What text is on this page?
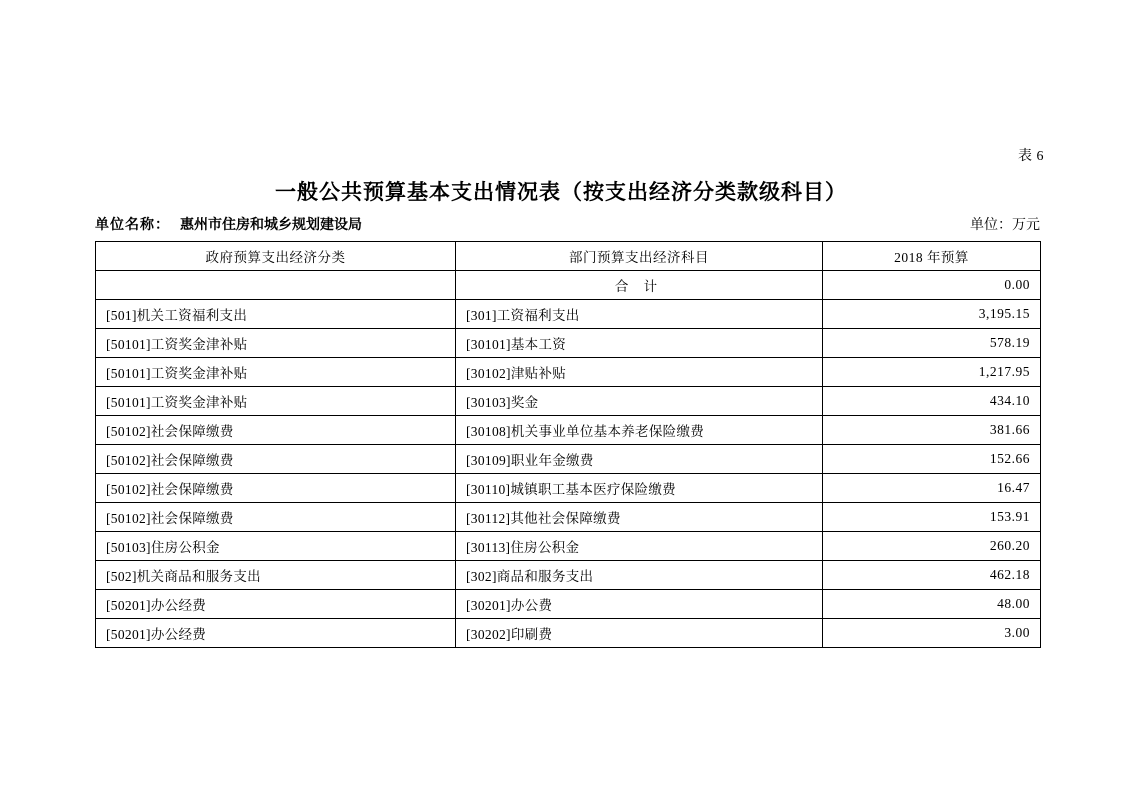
表 6
一般公共预算基本支出情况表（按支出经济分类款级科目）
单位名称： 惠州市住房和城乡规划建设局	单位：万元
政府预算支出经济分类	部门预算支出经济科目	2018 年预算
	合 计	0.00
[501]机关工资福利支出	[301]工资福利支出	3,195.15
[50101]工资奖金津补贴	[30101]基本工资	578.19
[50101]工资奖金津补贴	[30102]津贴补贴	1,217.95
[50101]工资奖金津补贴	[30103]奖金	434.10
[50102]社会保障缴费	[30108]机关事业单位基本养老保险缴费	381.66
[50102]社会保障缴费	[30109]职业年金缴费	152.66
[50102]社会保障缴费	[30110]城镇职工基本医疗保险缴费	16.47
[50102]社会保障缴费	[30112]其他社会保障缴费	153.91
[50103]住房公积金	[30113]住房公积金	260.20
[502]机关商品和服务支出	[302]商品和服务支出	462.18
[50201]办公经费	[30201]办公费	48.00
[50201]办公经费	[30202]印刷费	3.00
